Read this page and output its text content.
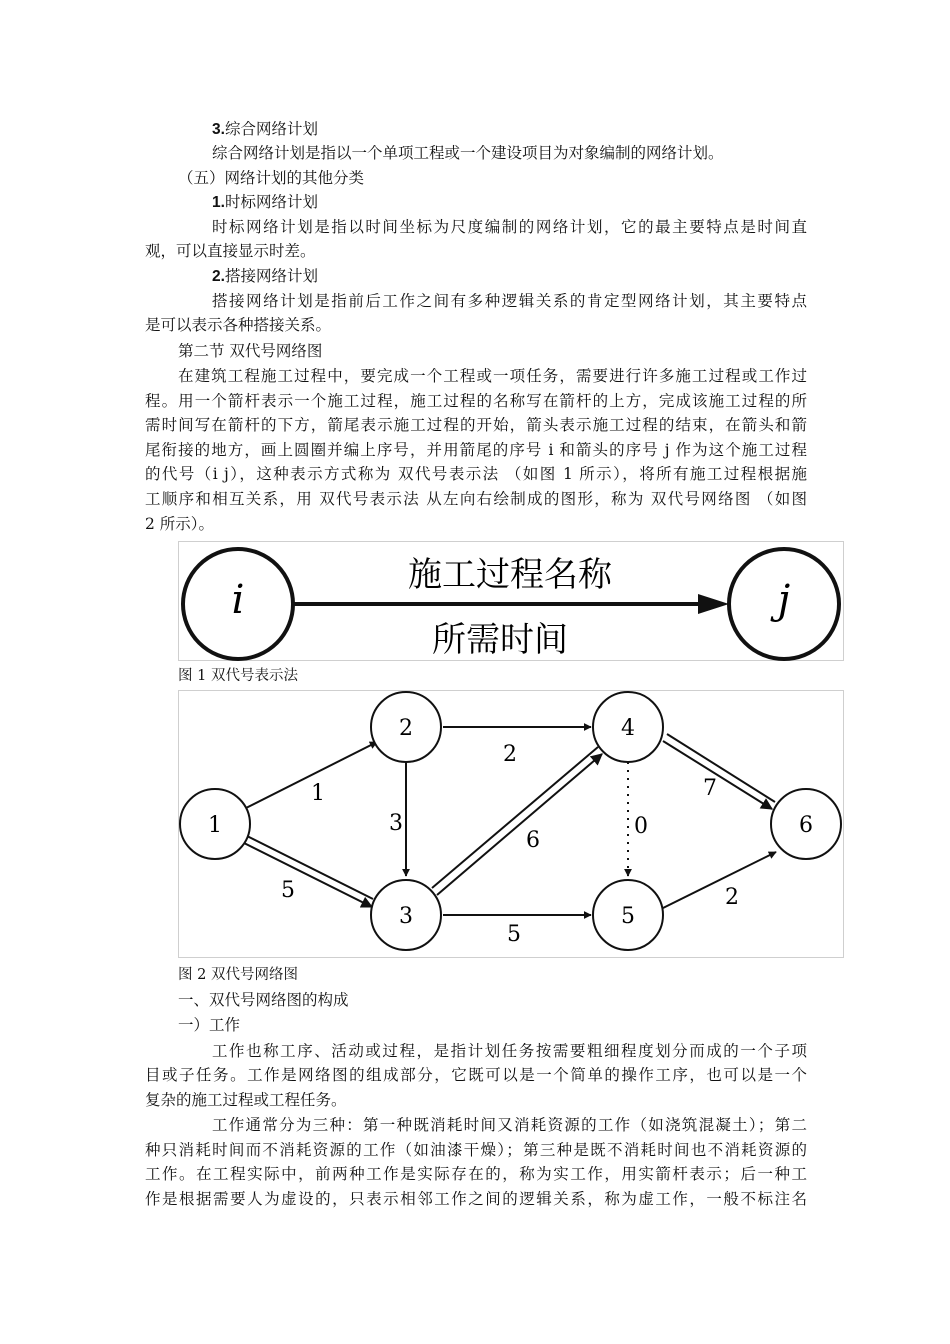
3.综合网络计划
综合网络计划是指以一个单项工程或一个建设项目为对象编制的网络计划。
（五）网络计划的其他分类
1.时标网络计划
时标网络计划是指以时间坐标为尺度编制的网络计划，它的最主要特点是时间直
观，可以直接显示时差。
2.搭接网络计划
搭接网络计划是指前后工作之间有多种逻辑关系的肯定型网络计划，其主要特点
是可以表示各种搭接关系。
第二节 双代号网络图
在建筑工程施工过程中，要完成一个工程或一项任务，需要进行许多施工过程或工作过
程。用一个箭杆表示一个施工过程，施工过程的名称写在箭杆的上方，完成该施工过程的所
需时间写在箭杆的下方，箭尾表示施工过程的开始，箭头表示施工过程的结束，在箭头和箭
尾衔接的地方，画上圆圈并编上序号，并用箭尾的序号 i 和箭头的序号 j 作为这个施工过程
的代号（i j），这种表示方式称为 双代号表示法 （如图 1 所示），将所有施工过程根据施
工顺序和相互关系，用 双代号表示法 从左向右绘制成的图形，称为 双代号网络图 （如图
2 所示）。
i	j
施工过程名称
所需时间
图 1 双代号表示法
1
5
3
2
6
5
0
7
2
1
2
3
4
5
6
图 2 双代号网络图
一、双代号网络图的构成
一）工作
工作也称工序、活动或过程，是指计划任务按需要粗细程度划分而成的一个子项
目或子任务。工作是网络图的组成部分，它既可以是一个简单的操作工序，也可以是一个
复杂的施工过程或工程任务。
工作通常分为三种：第一种既消耗时间又消耗资源的工作（如浇筑混凝土）；第二
种只消耗时间而不消耗资源的工作（如油漆干燥）；第三种是既不消耗时间也不消耗资源的
工作。在工程实际中，前两种工作是实际存在的，称为实工作，用实箭杆表示；后一种工
作是根据需要人为虚设的，只表示相邻工作之间的逻辑关系，称为虚工作，一般不标注名
